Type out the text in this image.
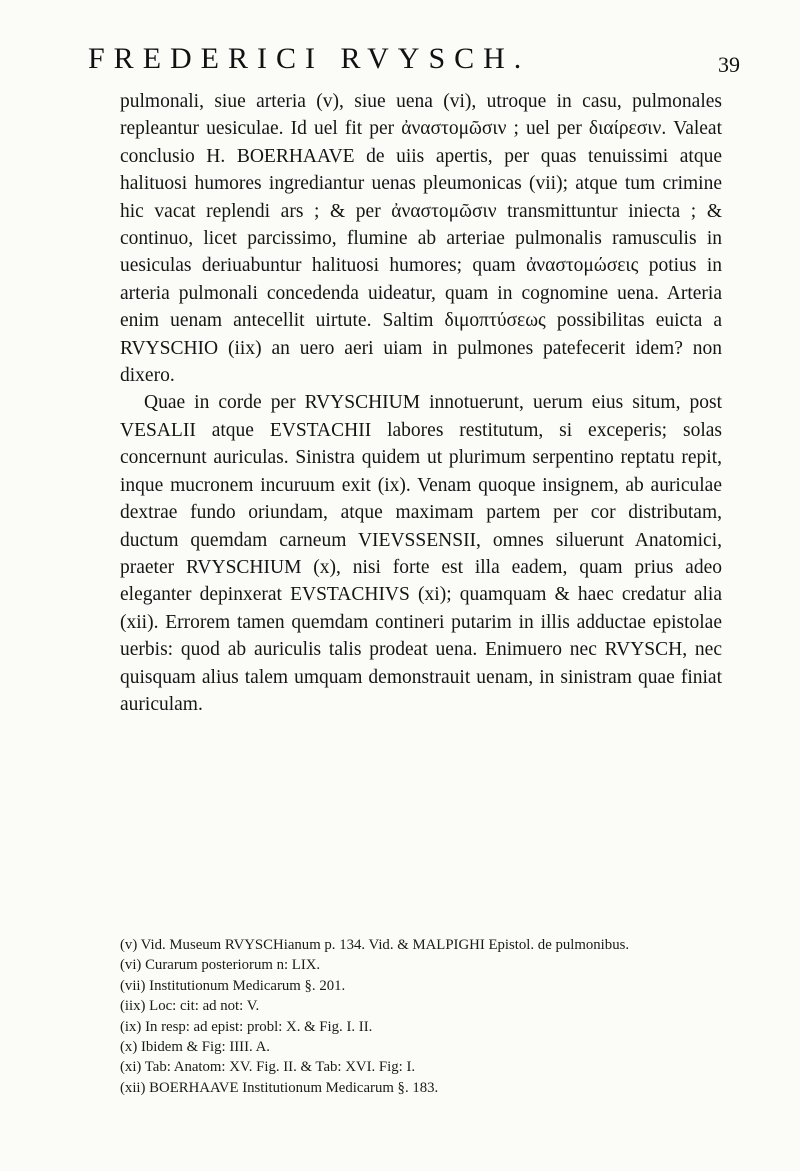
FREDERICI RVYSCH.	39

pulmonali, siue arteria (v), siue uena (vi), utroque in casu, pulmonales repleantur uesiculae. Id uel fit per ἀναστομῶσιν ; uel per διαίρεσιν. Valeat conclusio H. BOERHAAVE de uiis apertis, per quas tenuissimi atque halituosi humores ingrediantur uenas pleumonicas (vii); atque tum crimine hic vacat replendi ars ; & per ἀναστομῶσιν transmittuntur iniecta ; & continuo, licet parcissimo, flumine ab arteriae pulmonalis ramusculis in uesiculas deriuabuntur halituosi humores; quam ἀναστομώσεις potius in arteria pulmonali concedenda uideatur, quam in cognomine uena. Arteria enim uenam antecellit uirtute. Saltim διμοπτύσεως possibilitas euicta a RVYSCHIO (iix) an uero aeri uiam in pulmones patefecerit idem? non dixero.

Quae in corde per RVYSCHIUM innotuerunt, uerum eius situm, post VESALII atque EVSTACHII labores restitutum, si exceperis; solas concernunt auriculas. Sinistra quidem ut plurimum serpentino reptatu repit, inque mucronem incuruum exit (ix). Venam quoque insignem, ab auriculae dextrae fundo oriundam, atque maximam partem per cor distributam, ductum quemdam carneum VIEVSSENSII, omnes siluerunt Anatomici, praeter RVYSCHIUM (x), nisi forte est illa eadem, quam prius adeo eleganter depinxerat EVSTACHIVS (xi); quamquam & haec credatur alia (xii). Errorem tamen quemdam contineri putarim in illis adductae epistolae uerbis: quod ab auriculis talis prodeat uena. Enimuero nec RVYSCH, nec quisquam alius talem umquam demonstrauit uenam, in sinistram quae finiat auriculam.

(v) Vid. Museum RVYSCHianum p. 134. Vid. & MALPIGHI Epistol. de pulmonibus.

(vi) Curarum posteriorum n: LIX.

(vii) Institutionum Medicarum §. 201.

(iix) Loc: cit: ad not: V.

(ix) In resp: ad epist: probl: X. & Fig. I. II.

(x) Ibidem & Fig: IIII. A.

(xi) Tab: Anatom: XV. Fig. II. & Tab: XVI. Fig: I.

(xii) BOERHAAVE Institutionum Medicarum §. 183.
